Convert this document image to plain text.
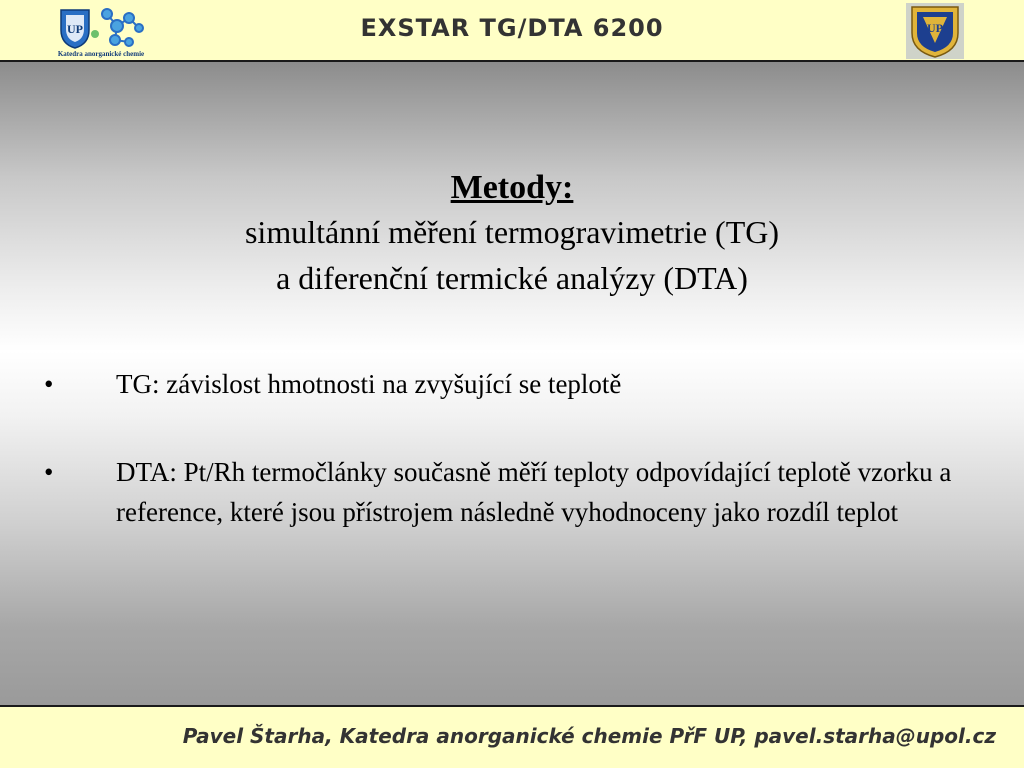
UP
Katedra anorganické chemie
EXSTAR TG/DTA 6200	UP
Metody:
simultánní měření termogravimetrie (TG)
a diferenční termické analýzy (DTA)
• TG: závislost hmotnosti na zvyšující se teplotě
• DTA: Pt/Rh termočlánky současně měří teploty odpovídající teplotě vzorku a reference, které jsou přístrojem následně vyhodnoceny jako rozdíl teplot
Pavel Štarha, Katedra anorganické chemie PřF UP, pavel.starha@upol.cz
